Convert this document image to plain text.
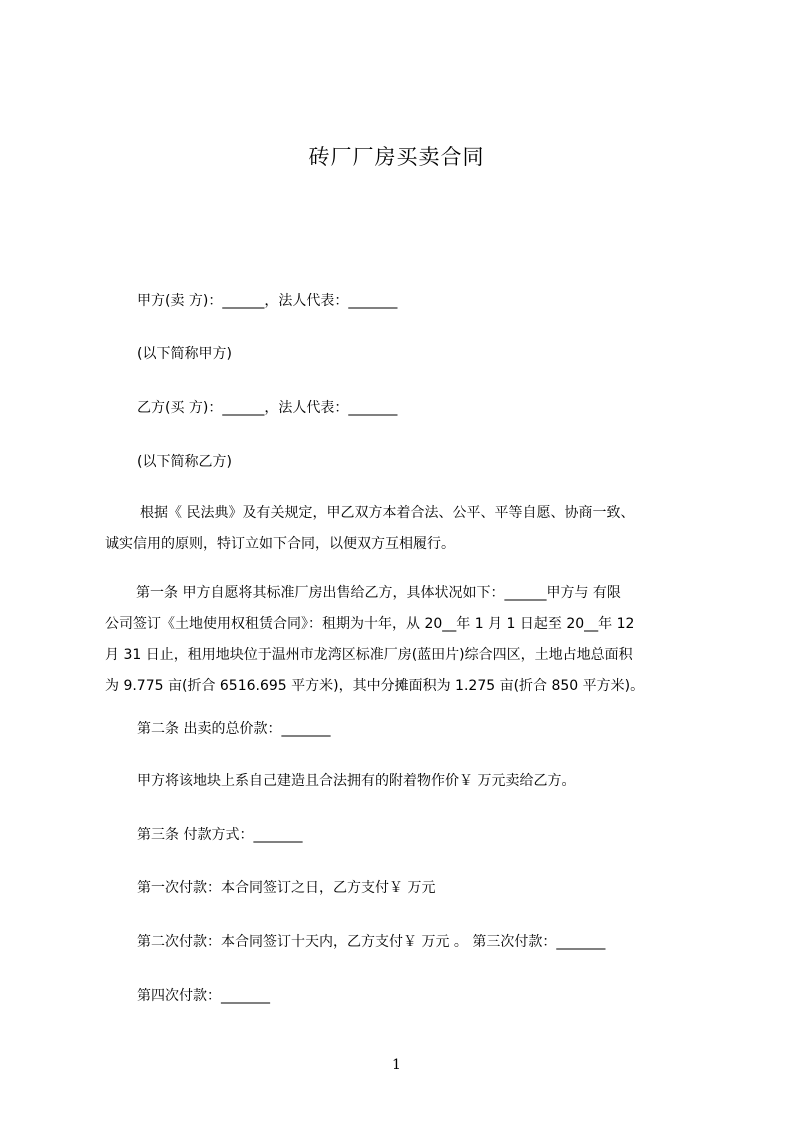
砖厂厂房买卖合同
甲方(卖 方)：______，法人代表：_______
(以下简称甲方)
乙方(买 方)：______，法人代表：_______
(以下简称乙方)
根据《 民法典》及有关规定，甲乙双方本着合法、公平、平等自愿、协商一致、
诚实信用的原则，特订立如下合同，以便双方互相履行。
第一条 甲方自愿将其标准厂房出售给乙方，具体状况如下：______甲方与 有限
公司签订《土地使用权租赁合同》：租期为十年，从 20__年 1 月 1 日起至 20__年 12
月 31 日止，租用地块位于温州市龙湾区标准厂房(蓝田片)综合四区，土地占地总面积
为 9.775 亩(折合 6516.695 平方米)，其中分摊面积为 1.275 亩(折合 850 平方米)。
第二条 出卖的总价款：_______
甲方将该地块上系自己建造且合法拥有的附着物作价￥ 万元卖给乙方。
第三条 付款方式：_______
第一次付款：本合同签订之日，乙方支付￥ 万元
第二次付款：本合同签订十天内，乙方支付￥ 万元 。 第三次付款：_______
第四次付款：_______
1
